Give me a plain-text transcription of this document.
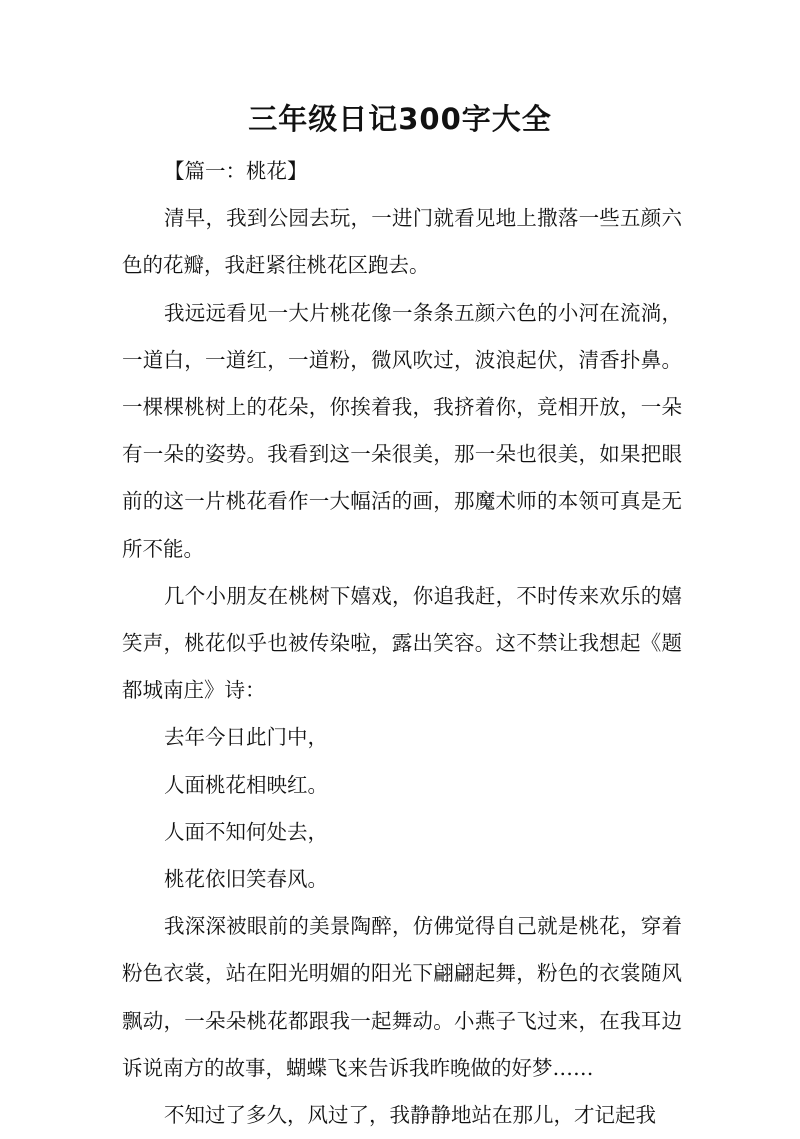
三年级日记300字大全

【篇一：桃花】

清早，我到公园去玩，一进门就看见地上撒落一些五颜六色的花瓣，我赶紧往桃花区跑去。

我远远看见一大片桃花像一条条五颜六色的小河在流淌，一道白，一道红，一道粉，微风吹过，波浪起伏，清香扑鼻。一棵棵桃树上的花朵，你挨着我，我挤着你，竞相开放，一朵有一朵的姿势。我看到这一朵很美，那一朵也很美，如果把眼前的这一片桃花看作一大幅活的画，那魔术师的本领可真是无所不能。

几个小朋友在桃树下嬉戏，你追我赶，不时传来欢乐的嬉笑声，桃花似乎也被传染啦，露出笑容。这不禁让我想起《题都城南庄》诗：

去年今日此门中，

人面桃花相映红。

人面不知何处去，

桃花依旧笑春风。

我深深被眼前的美景陶醉，仿佛觉得自己就是桃花，穿着粉色衣裳，站在阳光明媚的阳光下翩翩起舞，粉色的衣裳随风飘动，一朵朵桃花都跟我一起舞动。小燕子飞过来，在我耳边诉说南方的故事，蝴蝶飞来告诉我昨晚做的好梦……

不知过了多久，风过了，我静静地站在那儿，才记起我
